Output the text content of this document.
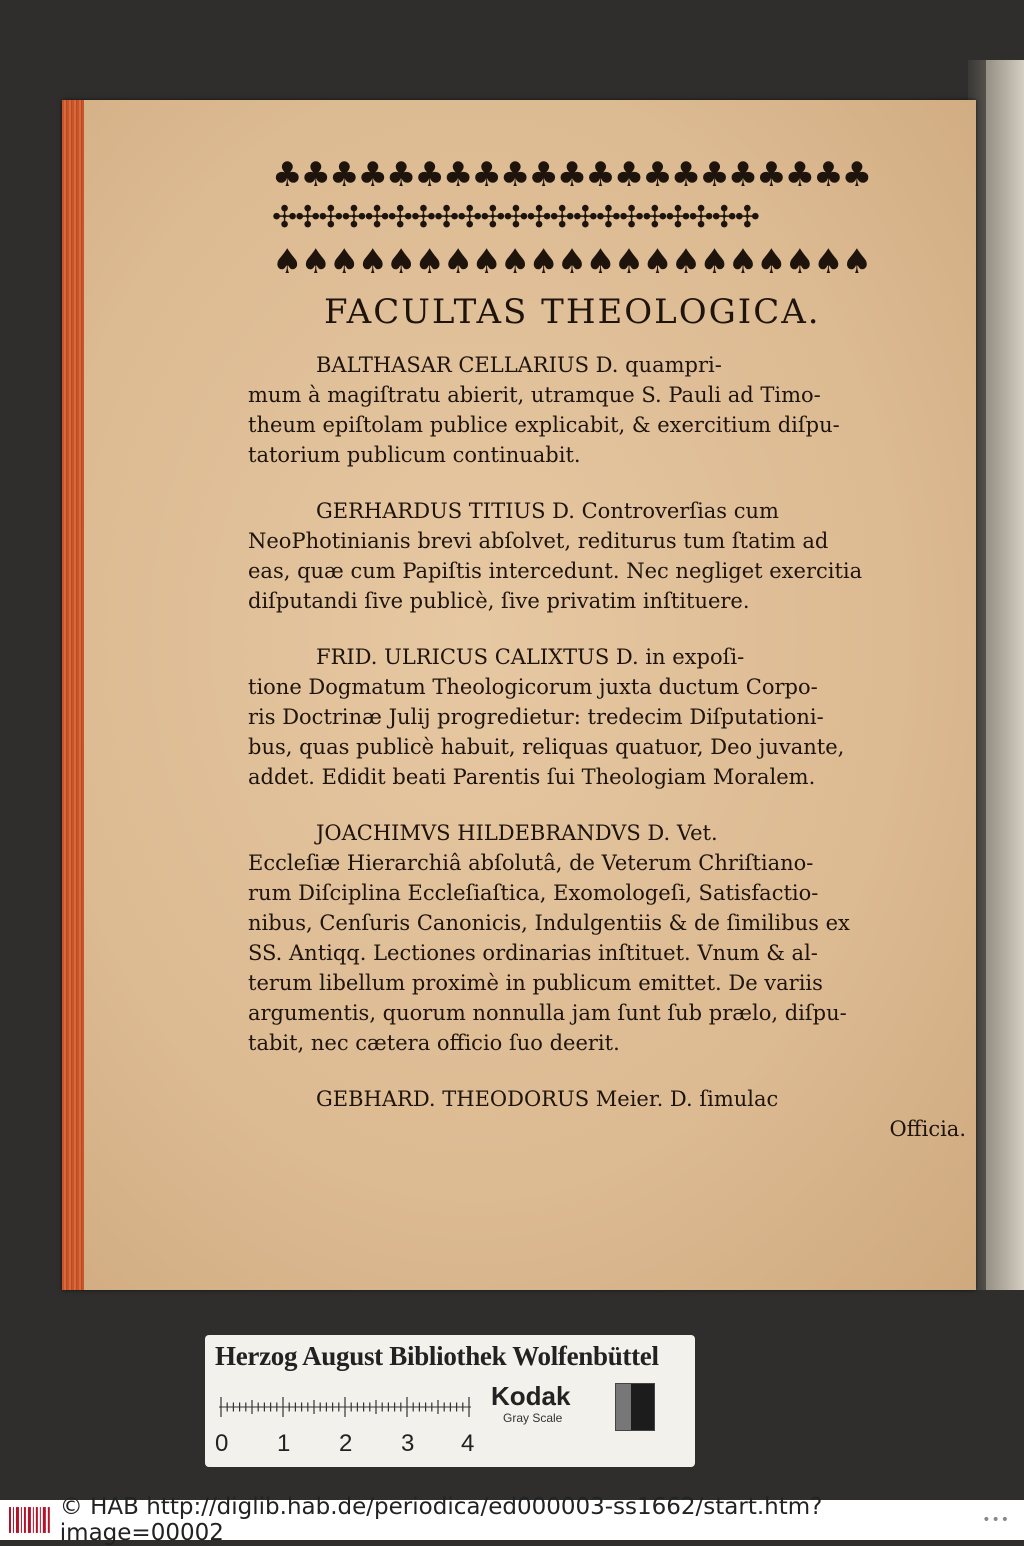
♣♣♣♣♣♣♣♣♣♣♣♣♣♣♣♣♣♣♣♣♣
✣✣✣✣✣✣✣✣✣✣✣✣✣✣✣✣✣✣✣✣✣
♠♠♠♠♠♠♠♠♠♠♠♠♠♠♠♠♠♠♠♠♠
FACULTAS THEOLOGICA.
BALTHASAR CELLARIUS D. quampri-
mum à magiſtratu abierit, utramque S. Pauli ad Timo-
theum epiſtolam publice explicabit, & exercitium diſpu-
tatorium publicum continuabit.
GERHARDUS TITIUS D. Controverſias cum
NeoPhotinianis brevi abſolvet, rediturus tum ſtatim ad
eas, quæ cum Papiſtis intercedunt. Nec negliget exercitia
diſputandi ſive publicè, ſive privatim inſtituere.
FRID. ULRICUS CALIXTUS D. in expoſi-
tione Dogmatum Theologicorum juxta ductum Corpo-
ris Doctrinæ Julij progredietur: tredecim Diſputationi-
bus, quas publicè habuit, reliquas quatuor, Deo juvante,
addet. Edidit beati Parentis ſui Theologiam Moralem.
JOACHIMVS HILDEBRANDVS D. Vet.
Eccleſiæ Hierarchiâ abſolutâ, de Veterum Chriſtiano-
rum Diſciplina Eccleſiaſtica, Exomologeſi, Satisfactio-
nibus, Cenſuris Canonicis, Indulgentiis & de ſimilibus ex
SS. Antiqq. Lectiones ordinarias inſtituet. Vnum & al-
terum libellum proximè in publicum emittet. De variis
argumentis, quorum nonnulla jam ſunt ſub prælo, diſpu-
tabit, nec cætera officio ſuo deerit.
GEBHARD. THEODORUS Meier. D. ſimulac
Officia.
Herzog August Bibliothek Wolfenbüttel
0 1 2 3 4
Kodak
Gray Scale
© HAB http://diglib.hab.de/periodica/ed000003-ss1662/start.htm?image=00002	•••
